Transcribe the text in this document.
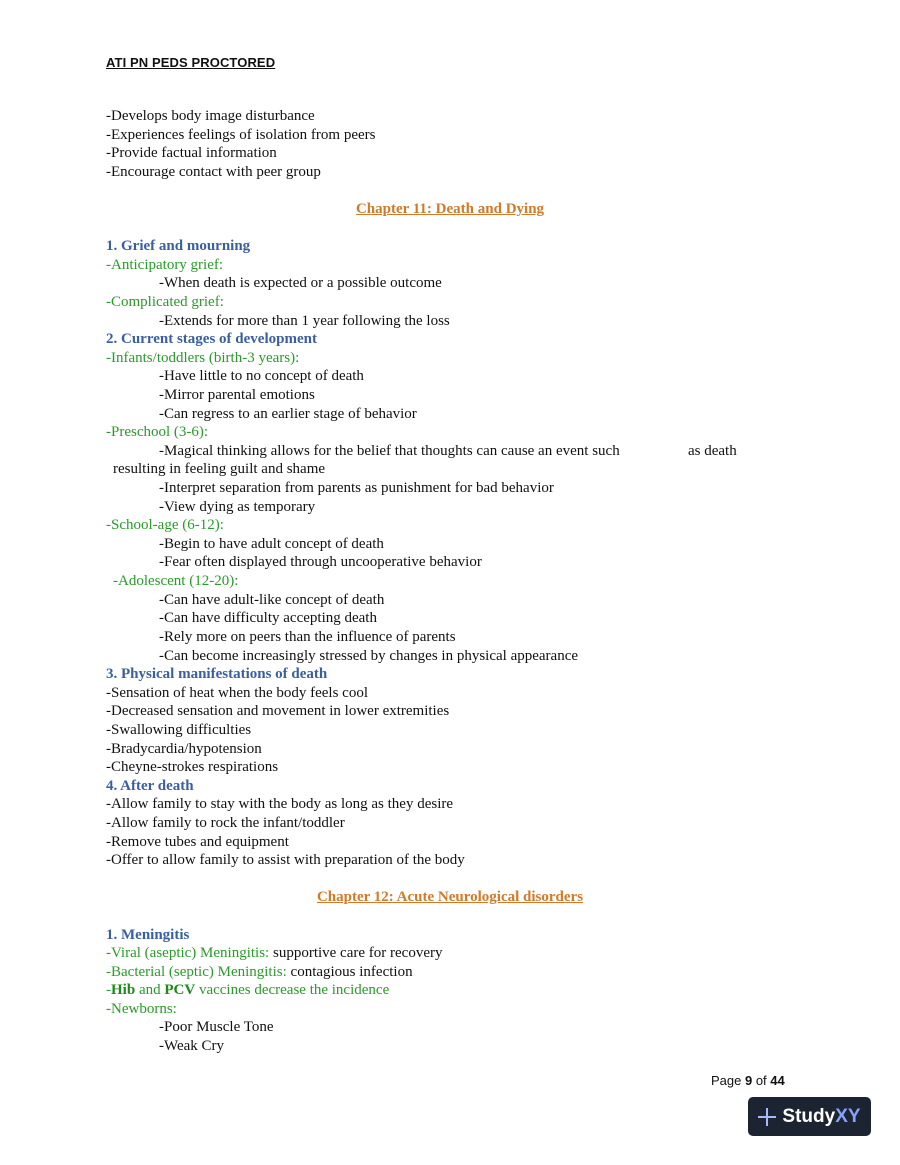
ATI PN PEDS PROCTORED
-Develops body image disturbance
-Experiences feelings of isolation from peers
-Provide factual information
-Encourage contact with peer group
Chapter 11: Death and Dying
1. Grief and mourning
-Anticipatory grief:
-When death is expected or a possible outcome
-Complicated grief:
-Extends for more than 1 year following the loss
2. Current stages of development
-Infants/toddlers (birth-3 years):
-Have little to no concept of death
-Mirror parental emotions
-Can regress to an earlier stage of behavior
-Preschool (3-6):
-Magical thinking allows for the belief that thoughts can cause an event such	as death
resulting in feeling guilt and shame
-Interpret separation from parents as punishment for bad behavior
-View dying as temporary
-School-age (6-12):
-Begin to have adult concept of death
-Fear often displayed through uncooperative behavior
-Adolescent (12-20):
-Can have adult-like concept of death
-Can have difficulty accepting death
-Rely more on peers than the influence of parents
-Can become increasingly stressed by changes in physical appearance
3. Physical manifestations of death
-Sensation of heat when the body feels cool
-Decreased sensation and movement in lower extremities
-Swallowing difficulties
-Bradycardia/hypotension
-Cheyne-strokes respirations
4. After death
-Allow family to stay with the body as long as they desire
-Allow family to rock the infant/toddler
-Remove tubes and equipment
-Offer to allow family to assist with preparation of the body
Chapter 12: Acute Neurological disorders
1. Meningitis
-Viral (aseptic) Meningitis: supportive care for recovery
-Bacterial (septic) Meningitis: contagious infection
-Hib and PCV vaccines decrease the incidence
-Newborns:
-Poor Muscle Tone
-Weak Cry
Page 9 of 44
StudyXY
